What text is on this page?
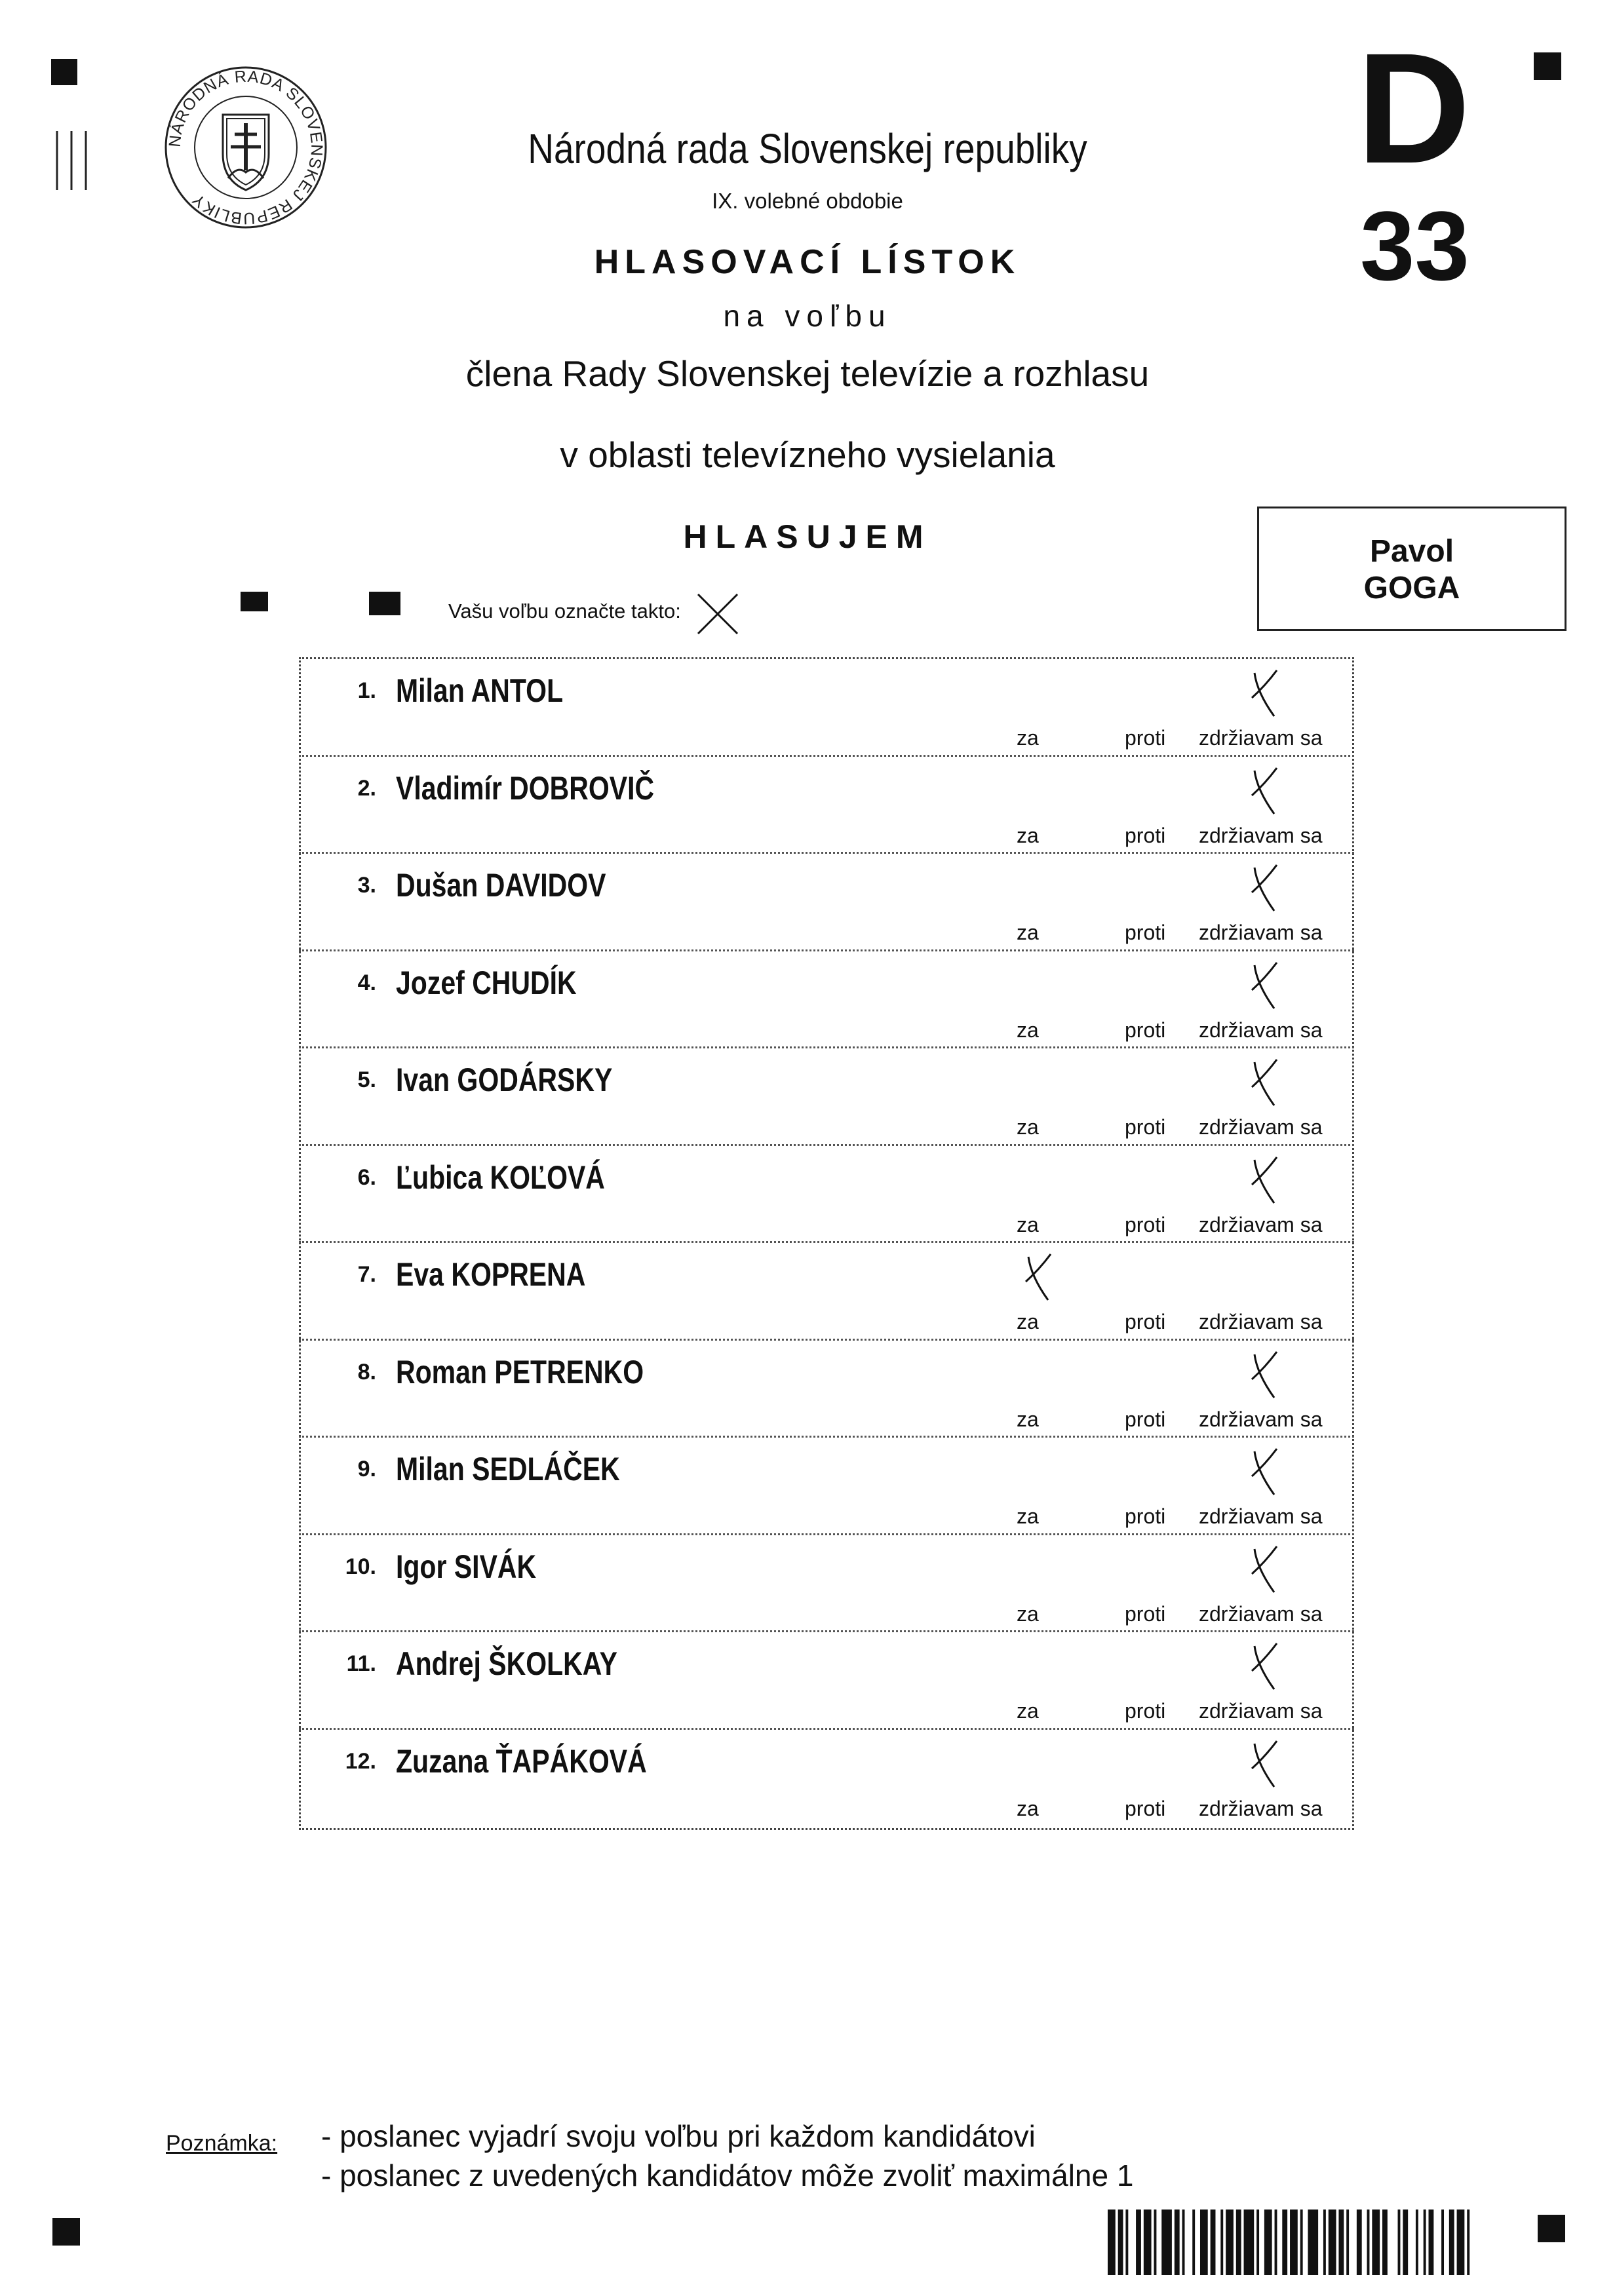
NÁRODNÁ RADA SLOVENSKEJ REPUBLIKY
Národná rada Slovenskej republiky
IX. volebné obdobie
HLASOVACÍ LÍSTOK
na voľbu
člena Rady Slovenskej televízie a rozhlasu
v oblasti televízneho vysielania
HLASUJEM
D
33
Pavol
GOGA
Vašu voľbu označte takto:
1. Milan ANTOL
za	proti zdržiavam sa
2. Vladimír DOBROVIČ
za	proti zdržiavam sa
3. Dušan DAVIDOV
za	proti zdržiavam sa
4. Jozef CHUDÍK
za	proti zdržiavam sa
5. Ivan GODÁRSKY
za	proti zdržiavam sa
6. Ľubica KOĽOVÁ
za	proti zdržiavam sa
7. Eva KOPRENA
za	proti zdržiavam sa
8. Roman PETRENKO
za	proti zdržiavam sa
9. Milan SEDLÁČEK
za	proti zdržiavam sa
10. Igor SIVÁK
za	proti zdržiavam sa
11. Andrej ŠKOLKAY
za	proti zdržiavam sa
12. Zuzana ŤAPÁKOVÁ
za	proti zdržiavam sa
Poznámka: - poslanec vyjadrí svoju voľbu pri každom kandidátovi
- poslanec z uvedených kandidátov môže zvoliť maximálne 1
